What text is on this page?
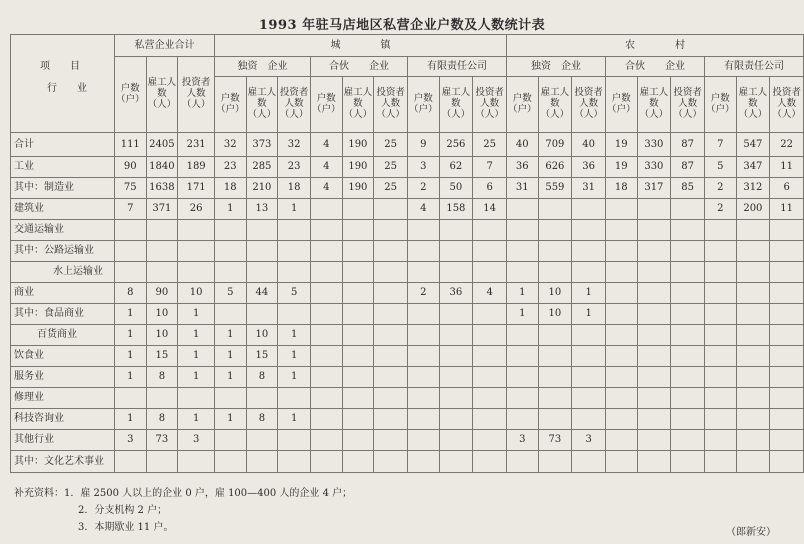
1993 年驻马店地区私营企业户数及人数统计表
项　　目
行　　业	私营企业合计			城　　　　镇									农　　　　村								
	户数（户）	雇工人数（人）	投资者人数（人）	独资　企业			合伙　　企业			有限责任公司			独资　企业			合伙　　企业			有限责任公司		
				户数（户）	雇工人数（人）	投资者人数（人）	户数（户）	雇工人数（人）	投资者人数（人）	户数（户）	雇工人数（人）	投资者人数（人）	户数（户）	雇工人数（人）	投资者人数（人）	户数（户）	雇工人数（人）	投资者人数（人）	户数（户）	雇工人数（人）	投资者人数（人）
合计	111	2405	231	32	373	32	4	190	25	9	256	25	40	709	40	19	330	87	7	547	22
工业	90	1840	189	23	285	23	4	190	25	3	62	7	36	626	36	19	330	87	5	347	11
其中：制造业	75	1638	171	18	210	18	4	190	25	2	50	6	31	559	31	18	317	85	2	312	6
建筑业	7	371	26	1	13	1				4	158	14							2	200	11
交通运输业																					
其中：公路运输业																					
水上运输业																					
商业	8	90	10	5	44	5				2	36	4	1	10	1						
其中：食品商业	1	10	1										1	10	1						
百货商业	1	10	1	1	10	1															
饮食业	1	15	1	1	15	1															
服务业	1	8	1	1	8	1															
修理业																					
科技咨询业	1	8	1	1	8	1															
其他行业	3	73	3										3	73	3						
其中：文化艺术事业																					
补充资料：1．雇 2500 人以上的企业 0 户，雇 100—400 人的企业 4 户；
2．分支机构 2 户；
3．本期歇业 11 户。	（郎新安）
